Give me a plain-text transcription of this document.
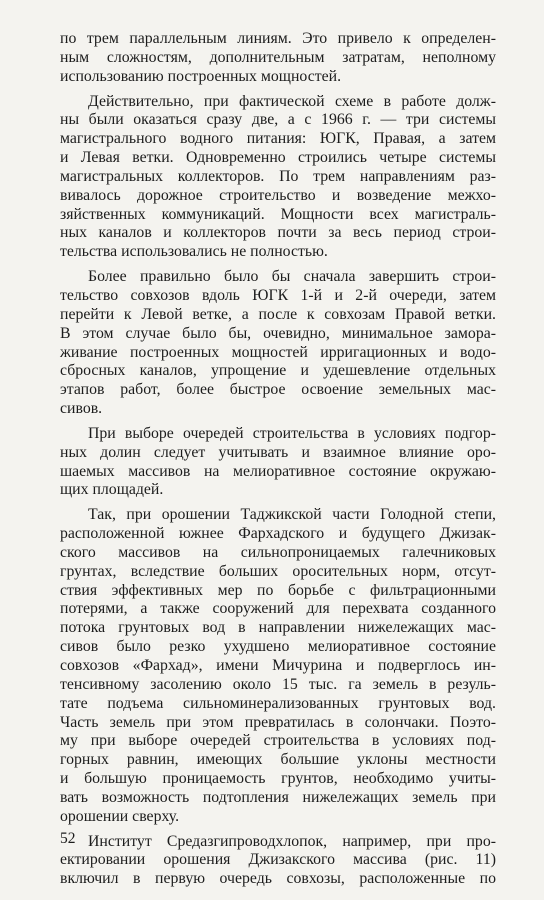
по трем параллельным линиям. Это привело к определен-
ным сложностям, дополнительным затратам, неполному
использованию построенных мощностей.

Действительно, при фактической схеме в работе долж-
ны были оказаться сразу две, а с 1966 г. — три системы
магистрального водного питания: ЮГК, Правая, а затем
и Левая ветки. Одновременно строились четыре системы
магистральных коллекторов. По трем направлениям раз-
вивалось дорожное строительство и возведение межхо-
зяйственных коммуникаций. Мощности всех магистраль-
ных каналов и коллекторов почти за весь период строи-
тельства использовались не полностью.

Более правильно было бы сначала завершить строи-
тельство совхозов вдоль ЮГК 1-й и 2-й очереди, затем
перейти к Левой ветке, а после к совхозам Правой ветки.
В этом случае было бы, очевидно, минимальное заморa-
живание построенных мощностей ирригационных и водо-
сбросных каналов, упрощение и удешевление отдельных
этапов работ, более быстрое освоение земельных мас-
сивов.

При выборе очередей строительства в условиях подгор-
ных долин следует учитывать и взаимное влияние оро-
шаемых массивов на мелиоративное состояние окружаю-
щих площадей.

Так, при орошении Таджикской части Голодной степи,
расположенной южнее Фархадского и будущего Джизак-
ского массивов на сильнопроницаемых галечниковых
грунтах, вследствие больших оросительных норм, отсут-
ствия эффективных мер по борьбе с фильтрационными
потерями, а также сооружений для перехвата созданного
потока грунтовых вод в направлении нижележащих мас-
сивов было резко ухудшено мелиоративное состояние
совхозов «Фархад», имени Мичурина и подверглось ин-
тенсивному засолению около 15 тыс. га земель в резуль-
тате подъема сильноминерализованных грунтовых вод.
Часть земель при этом превратилась в солончаки. Поэто-
му при выборе очередей строительства в условиях под-
горных равнин, имеющих большие уклоны местности
и большую проницаемость грунтов, необходимо учиты-
вать возможность подтопления нижележащих земель при
орошении сверху.

Институт Средазгипроводхлопок, например, при про-
ектировании орошения Джизакского массива (рис. 11)
включил в первую очередь совхозы, расположенные по

52
